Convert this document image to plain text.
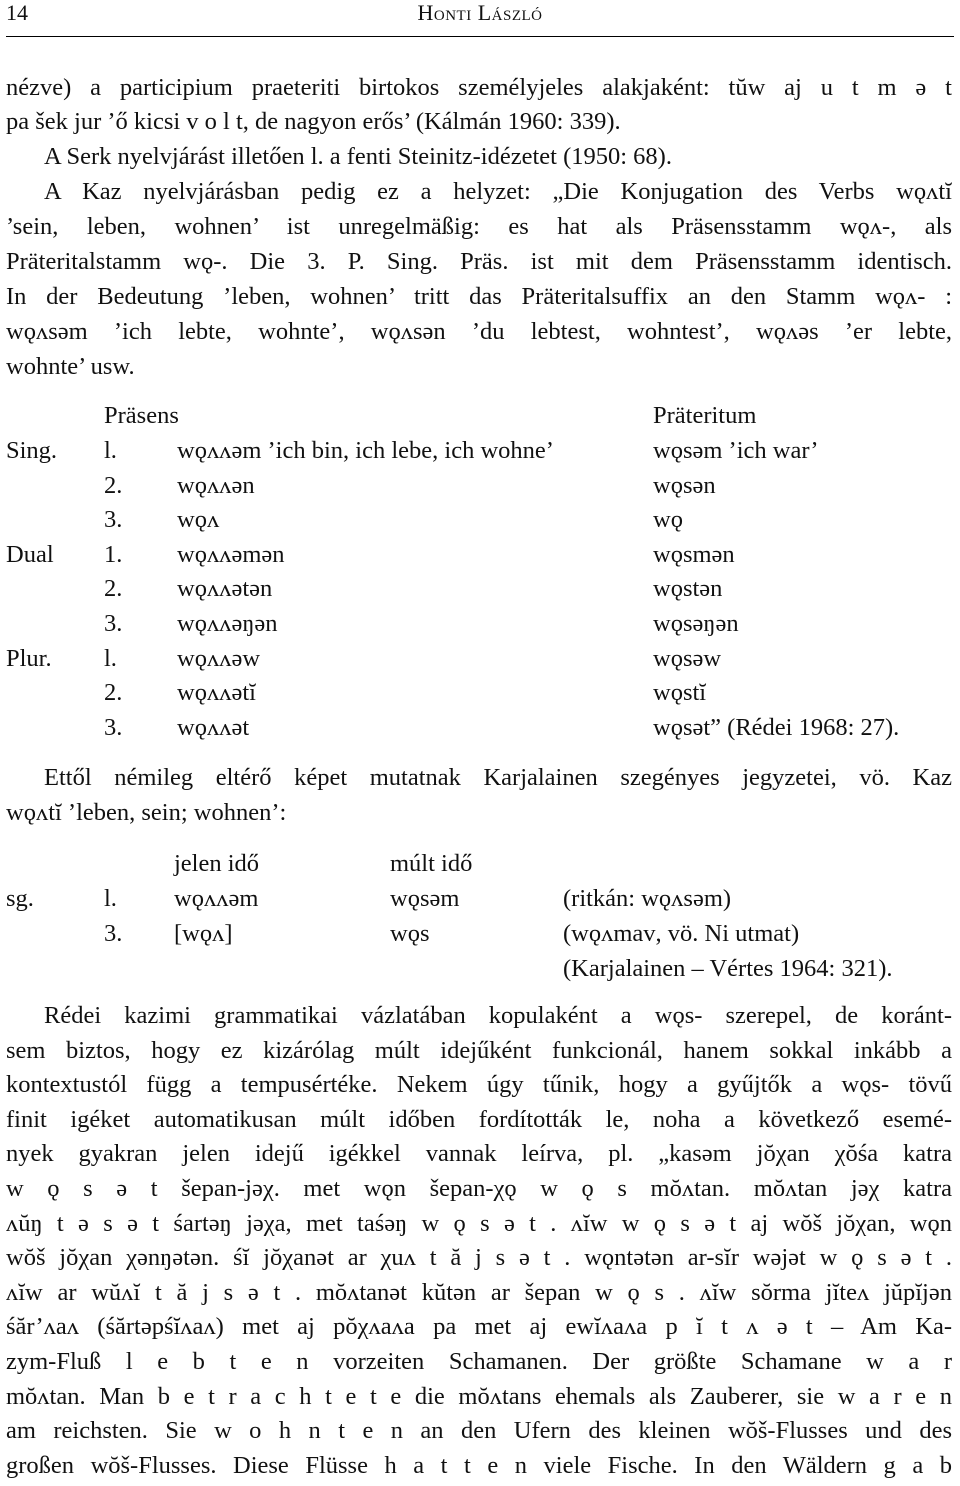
14	Honti László
nézve) a participium praeteriti birtokos személyjeles alakjaként: tŭw aj u t m ǝ t
pa šek jur ’ő kicsi v o l t, de nagyon erős’ (Kálmán 1960: 339).
A Serk nyelvjárást illetően l. a fenti Steinitz-idézetet (1950: 68).
A Kaz nyelvjárásban pedig ez a helyzet: „Die Konjugation des Verbs wǫʌtĭ
’sein, leben, wohnen’ ist unregelmäßig: es hat als Präsensstamm wǫʌ-, als
Präteritalstamm wǫ-. Die 3. P. Sing. Präs. ist mit dem Präsensstamm identisch.
In der Bedeutung ’leben, wohnen’ tritt das Präteritalsuffix an den Stamm wǫʌ- :
wǫʌsǝm ’ich lebte, wohnte’, wǫʌsǝn ’du lebtest, wohntest’, wǫʌǝs ’er lebte,
wohnte’ usw.
Präsens	Präteritum
Sing. l. wǫʌʌǝm ’ich bin, ich lebe, ich wohne’	wǫsǝm ’ich war’
2. wǫʌʌǝn	wǫsǝn
3. wǫʌ	wǫ
Dual 1. wǫʌʌǝmǝn	wǫsmǝn
2. wǫʌʌǝtǝn	wǫstǝn
3. wǫʌʌǝŋǝn	wǫsǝŋǝn
Plur. l. wǫʌʌǝw	wǫsǝw
2. wǫʌʌǝtĭ	wǫstĭ
3. wǫʌʌǝt	wǫsǝt” (Rédei 1968: 27).
Ettől némileg eltérő képet mutatnak Karjalainen szegényes jegyzetei, vö. Kaz
wǫʌtĭ ’leben, sein; wohnen’:
jelen idő	múlt idő
sg.	l. wǫʌʌǝm	wǫsǝm	(ritkán: wǫʌsǝm)
3. [wǫʌ]	wǫs	(wǫʌmaᴠ, vö. Ni utmat)
(Karjalainen – Vértes 1964: 321).
Rédei kazimi grammatikai vázlatában kopulaként a wǫs- szerepel, de koránt-
sem biztos, hogy ez kizárólag múlt idejűként funkcionál, hanem sokkal inkább a
kontextustól függ a tempusértéke. Nekem úgy tűnik, hogy a gyűjtők a wǫs- tövű
finit igéket automatikusan múlt időben fordították le, noha a következő esemé-
nyek gyakran jelen idejű igékkel vannak leírva, pl. „kasǝm jŏχan χŏśa katra
w ǫ s ǝ t šepan-jǝχ. met wǫn šepan-χǫ w ǫ s mŏʌtan. mŏʌtan jǝχ katra
ʌŭŋ t ǝ s ǝ t śartǝŋ jǝχa, met taśǝŋ w ǫ s ǝ t . ʌĭw w ǫ s ǝ t aj wŏš jŏχan, wǫn
wŏš jŏχan χǝnŋǝtǝn. śĭ jŏχanǝt ar χuʌ t ă j s ǝ t . wǫntǝtǝn ar-sĭr wǝjǝt w ǫ s ǝ t .
ʌĭw ar wŭʌĭ t ă j s ǝ t . mŏʌtanǝt kŭtǝn ar šepan w ǫ s . ʌĭw sŏrma jĭteʌ jŭpĭjǝn
śăr’ʌaʌ (śărtǝpśĭʌaʌ) met aj pŏχʌaʌa pa met aj ewĭʌaʌa p ĭ t ʌ ǝ t – Am Ka-
zym-Fluß l e b t e n vorzeiten Schamanen. Der größte Schamane w a r
mŏʌtan. Man b e t r a c h t e t e die mŏʌtans ehemals als Zauberer, sie w a r e n
am reichsten. Sie w o h n t e n an den Ufern des kleinen wŏš-Flusses und des
großen wŏš-Flusses. Diese Flüsse h a t t e n viele Fische. In den Wäldern g a b
